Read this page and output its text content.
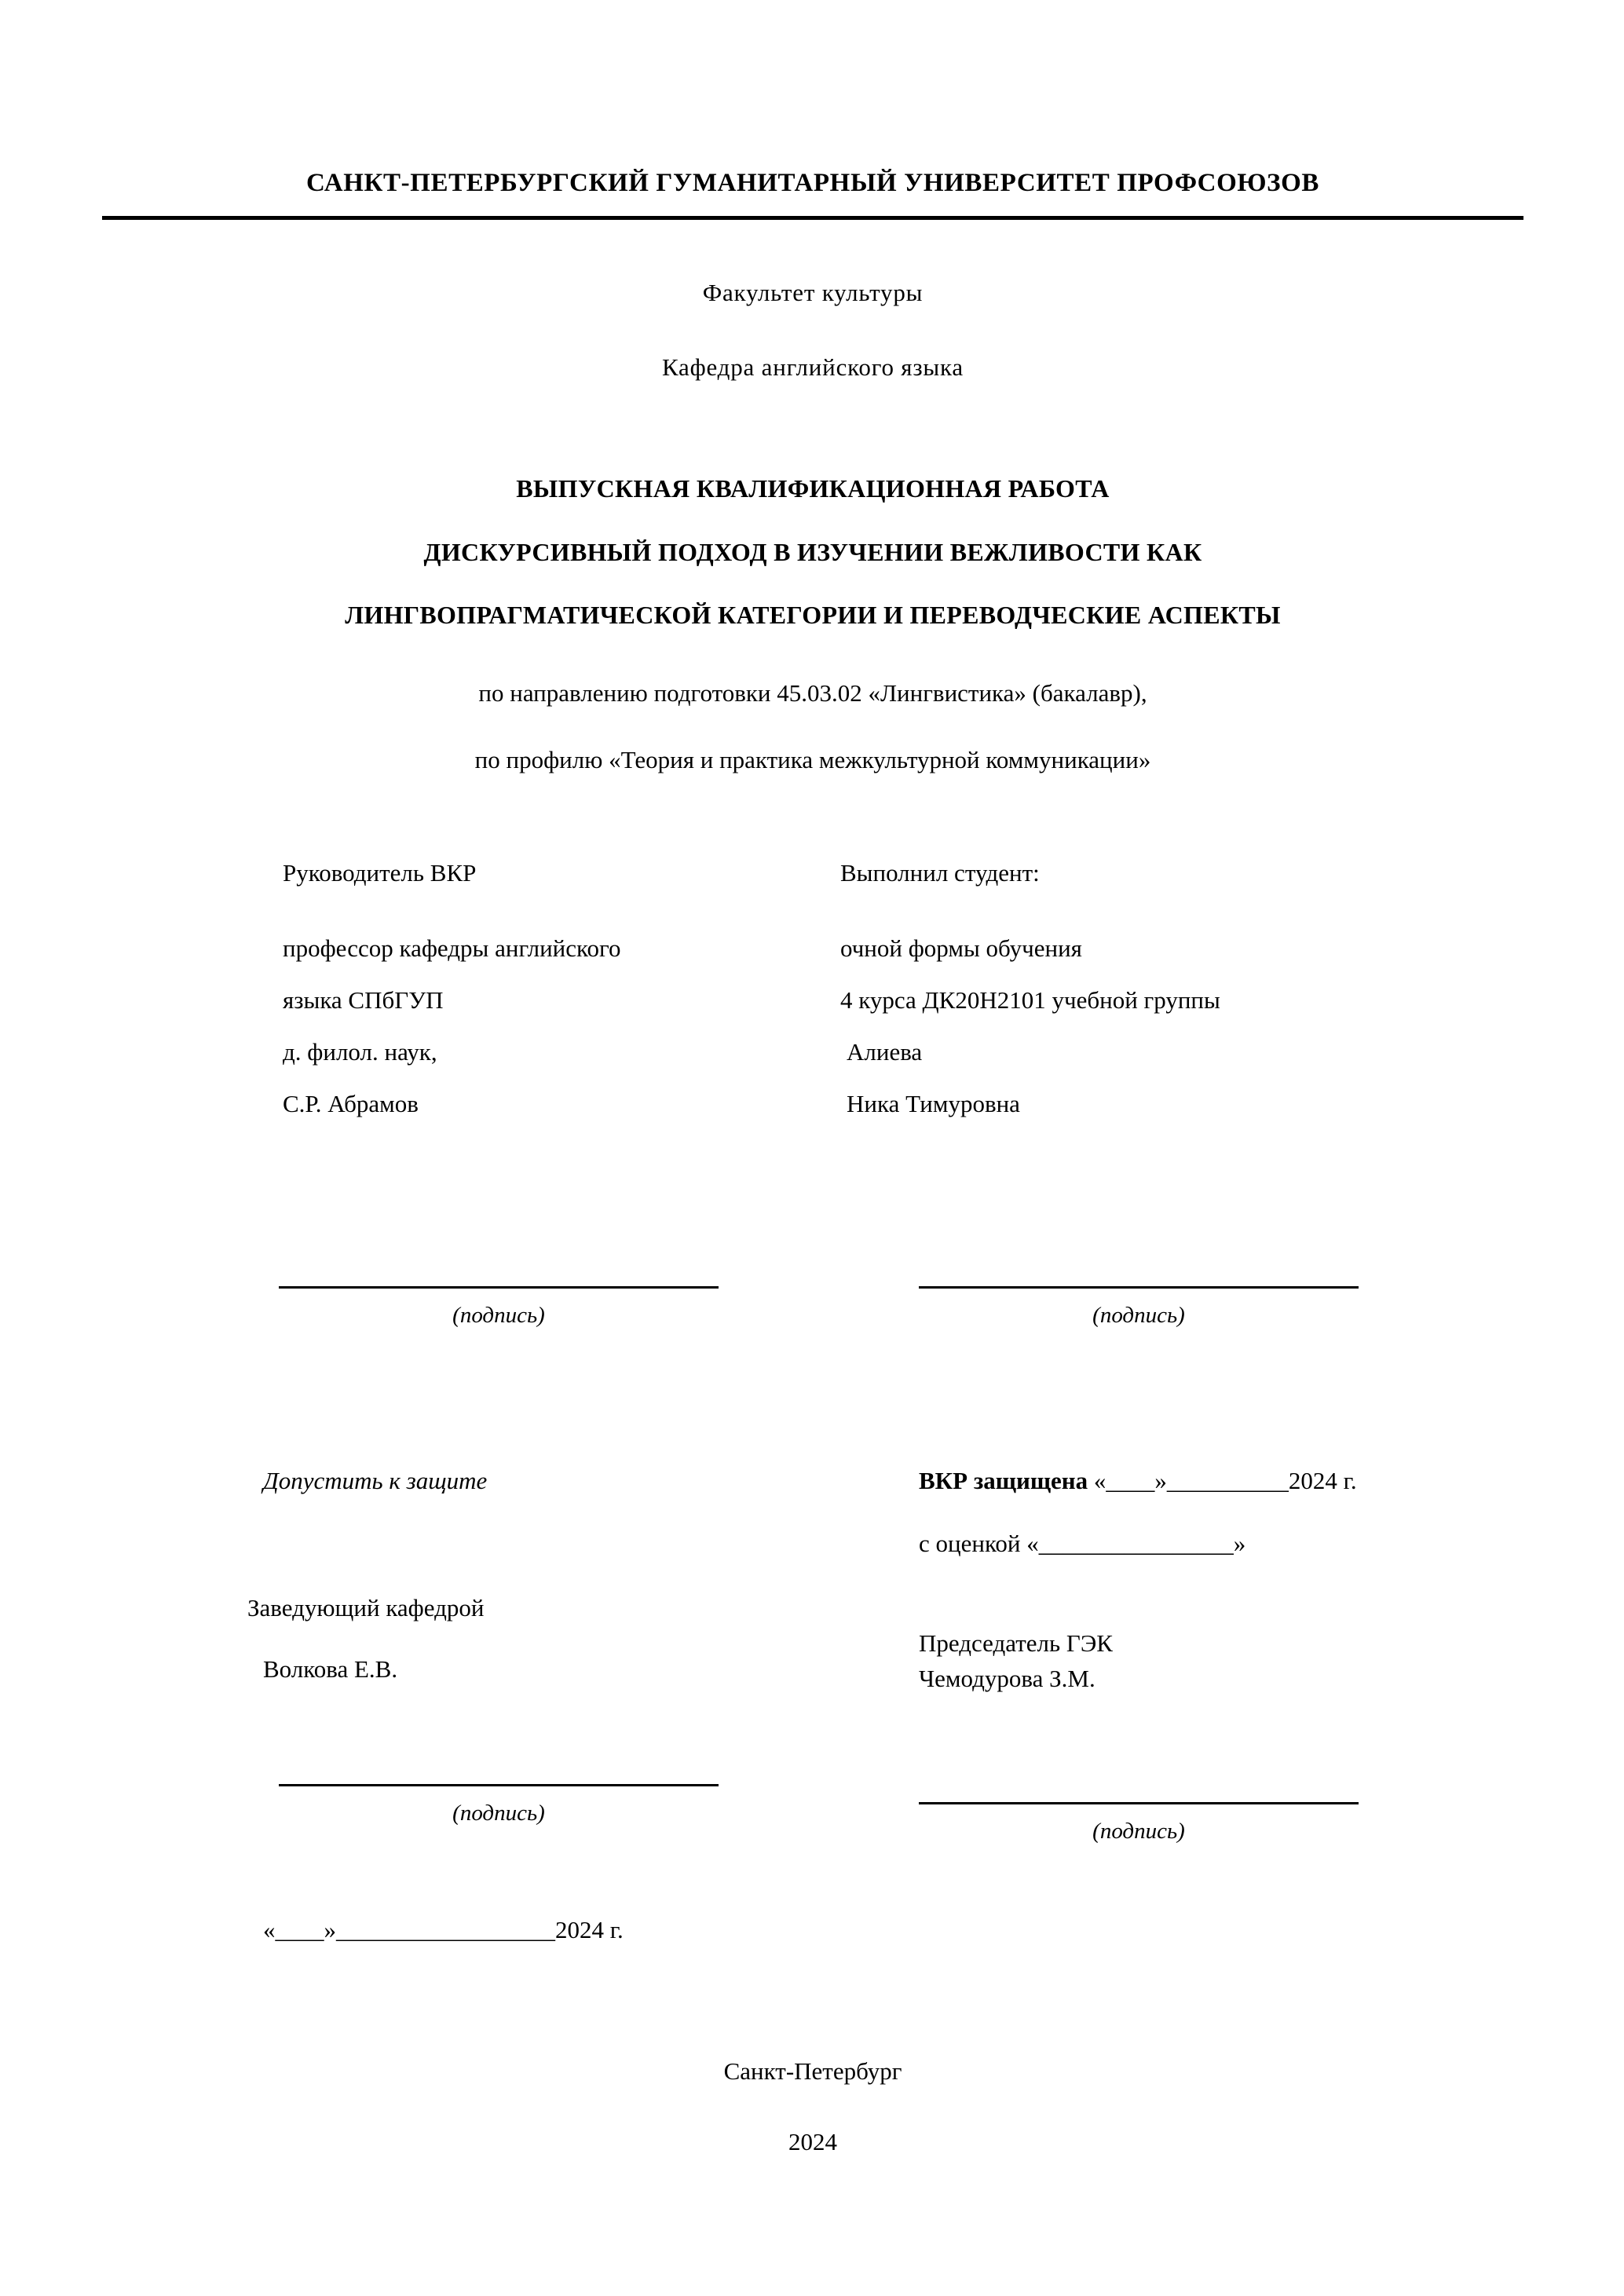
САНКТ-ПЕТЕРБУРГСКИЙ ГУМАНИТАРНЫЙ УНИВЕРСИТЕТ ПРОФСОЮЗОВ
Факультет культуры
Кафедра английского языка
ВЫПУСКНАЯ КВАЛИФИКАЦИОННАЯ РАБОТА
ДИСКУРСИВНЫЙ ПОДХОД В ИЗУЧЕНИИ ВЕЖЛИВОСТИ КАК
ЛИНГВОПРАГМАТИЧЕСКОЙ КАТЕГОРИИ И ПЕРЕВОДЧЕСКИЕ АСПЕКТЫ
по направлению подготовки 45.03.02 «Лингвистика» (бакалавр),
по профилю «Теория и практика межкультурной коммуникации»
Руководитель ВКР
профессор кафедры английского
языка СПбГУП
д. филол. наук,
С.Р. Абрамов
Выполнил студент:
очной формы обучения
4 курса ДК20Н2101 учебной группы
Алиева
Ника Тимуровна
(подпись)	(подпись)
Допустить к защите	ВКР защищена «____»__________2024 г.
с оценкой «________________»
Заведующий кафедрой
Волкова Е.В.
Председатель ГЭК
Чемодурова З.М.
(подпись)
(подпись)
«____»__________________2024 г.
Санкт-Петербург
2024
